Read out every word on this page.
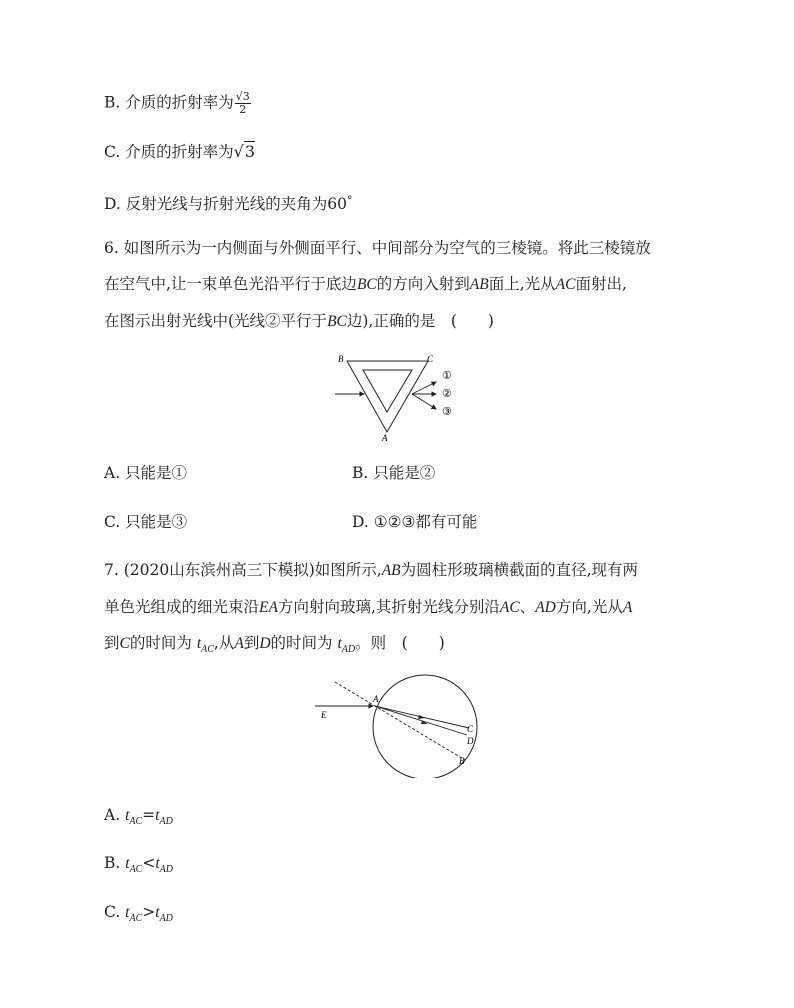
B. 介质的折射率为 $\frac{√3}{2}$
C. 介质的折射率为√3
D. 反射光线与折射光线的夹角为60°
6. 如图所示为一内侧面与外侧面平行、中间部分为空气的三棱镜。将此三棱镜放
在空气中,让一束单色光沿平行于底边BC的方向入射到AB面上,光从AC面射出,
在图示出射光线中(光线②平行于BC边),正确的是　(　　)
B	C
A
①
②
③
A. 只能是①	B. 只能是②
C. 只能是③	D. ①②③都有可能
7. (2020山东滨州高三下模拟)如图所示,AB为圆柱形玻璃横截面的直径,现有两
单色光组成的细光束沿EA方向射向玻璃,其折射光线分别沿AC、AD方向,光从A
到C的时间为 $t_{AC}$,从A到D的时间为 $t_{AD}$。则　(　　)
E
A
C
D
B
A. $t_{AC}=t_{AD}$
B. $t_{AC}<t_{AD}$
C. $t_{AC}>t_{AD}$
